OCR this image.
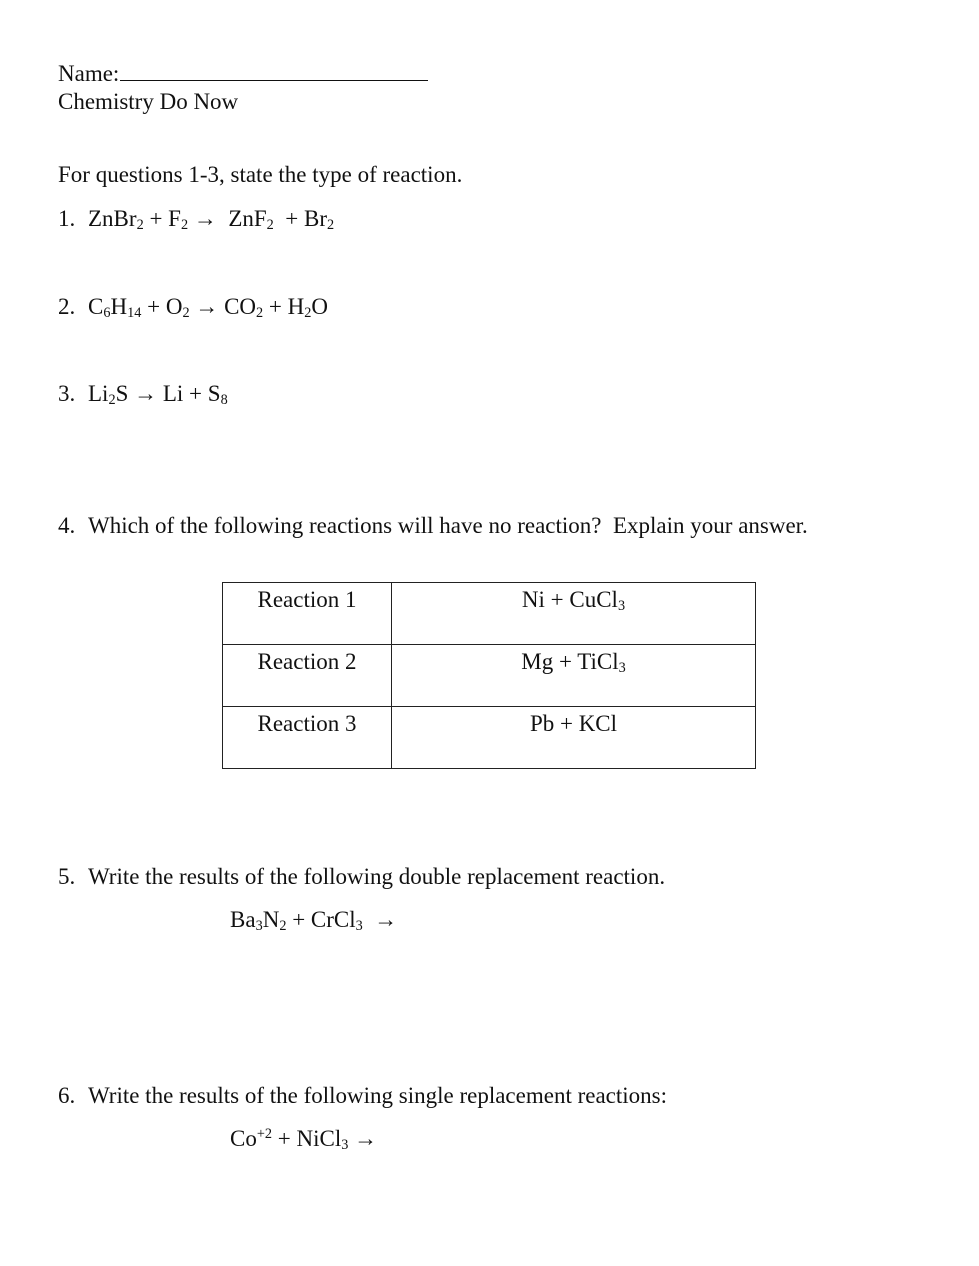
Name:
Chemistry Do Now
For questions 1-3, state the type of reaction.
1. ZnBr$_2$ + $F_2 \to ZnF_2 + Br_2$
2. $C_6H_{14} + O_2 \to CO_2 + H_2O$
3. $Li_2S \to Li + S_8$
4. Which of the following reactions will have no reaction?  Explain your answer.
Reaction 1	Ni + CuCl$_3$
Reaction 2	Mg + TiCl$_3$
Reaction 3	Pb + KCl
5. Write the results of the following double replacement reaction.
$Ba_3N_2$ + CrCl$_3$  →
6. Write the results of the following single replacement reactions:
$Co^{+2}$ + NiCl$_3$ →
